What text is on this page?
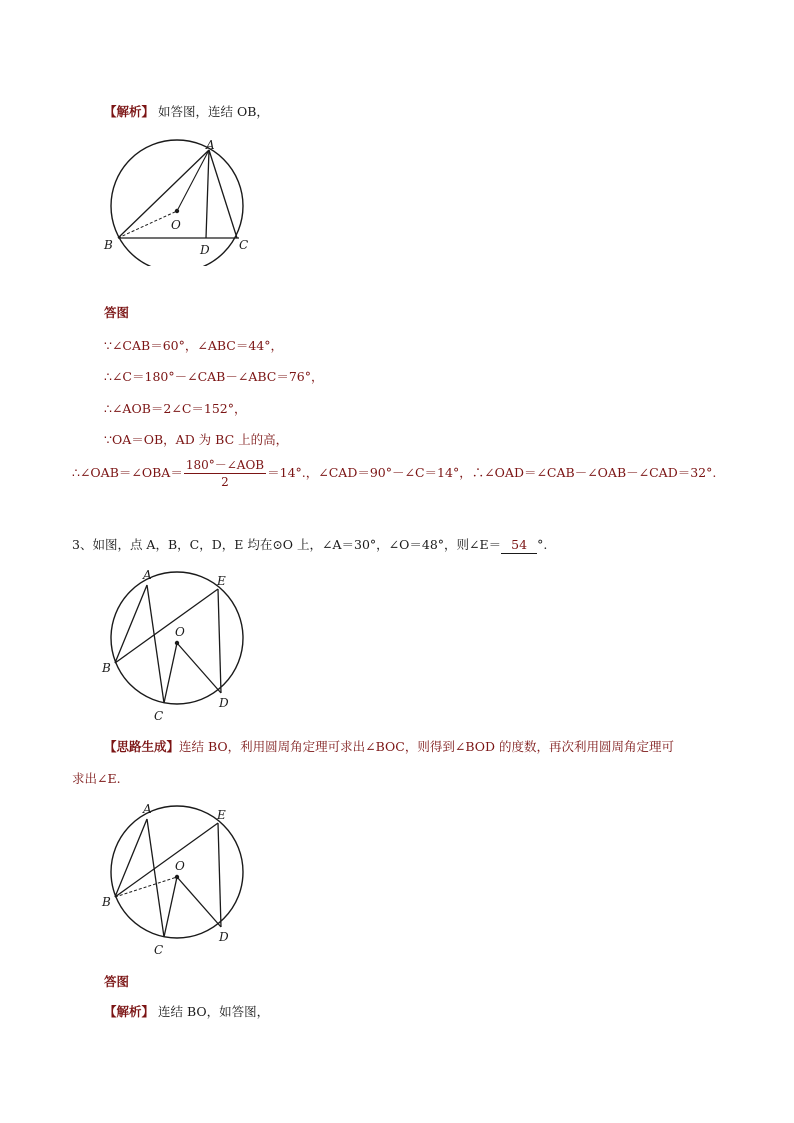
【解析】 如答图，连结 OB，
A
O
B	D C
答图
∵∠CAB＝60°，∠ABC＝44°，
∴∠C＝180°－∠CAB－∠ABC＝76°，
∴∠AOB＝2∠C＝152°，
∵OA＝OB，AD 为 BC 上的高，
∴∠OAB＝∠OBA＝ $\frac{\text{180°－∠AOB}}{2} =14^\circ$.，∠CAD＝90°－∠C＝14°，∴∠OAD＝∠CAB－∠OAB－∠CAD＝32°.
3、如图，点 A，B，C，D，E 均在⊙O 上，∠A＝30°，∠O＝48°，则∠E＝ 54 °.
A	E
O
B
D
C
【思路生成】连结 BO，利用圆周角定理可求出∠BOC，则得到∠BOD 的度数，再次利用圆周角定理可
求出∠E.
A	E
O
B
D
C
答图
【解析】 连结 BO，如答图，
